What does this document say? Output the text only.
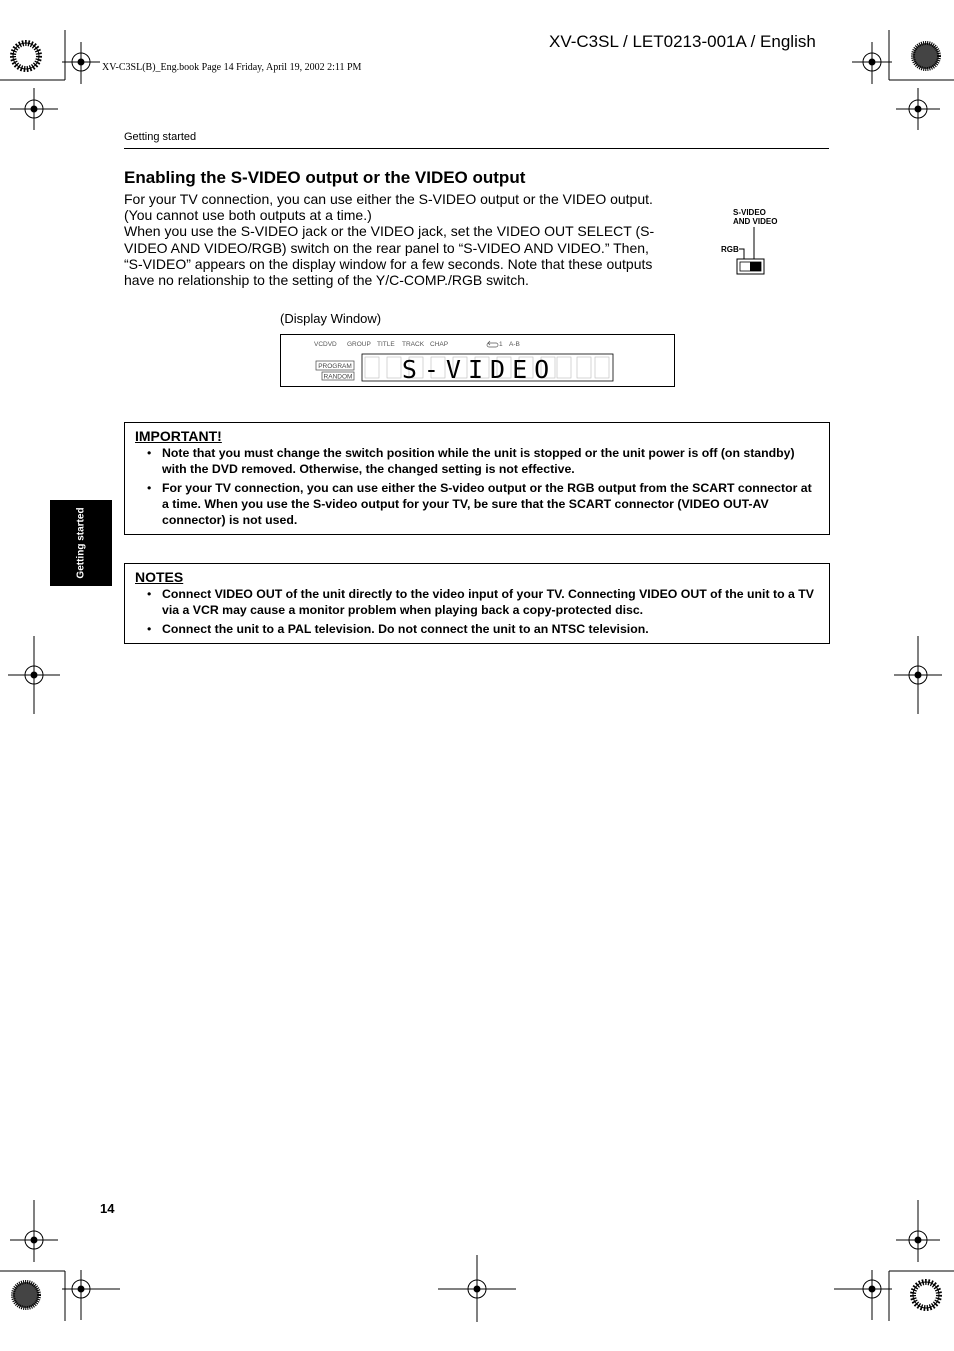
XV-C3SL / LET0213-001A / English
XV-C3SL(B)_Eng.book Page 14 Friday, April 19, 2002 2:11 PM
Getting started
Enabling the S-VIDEO output or the VIDEO output

For your TV connection, you can use either the S-VIDEO output or the VIDEO output. (You cannot use both outputs at a time.)

When you use the S-VIDEO jack or the VIDEO jack, set the VIDEO OUT SELECT (S-VIDEO AND VIDEO/RGB) switch on the rear panel to “S-VIDEO AND VIDEO.” Then, “S-VIDEO” appears on the display window for a few seconds. Note that these outputs have no relationship to the setting of the Y/C-COMP./RGB switch.

S-VIDEO
AND VIDEO
RGB
(Display Window)
VCDVD GROUP TITLE TRACK CHAP	1 A-B
PROGRAM
RANDOM S-VIDEO
IMPORTANT!
• Note that you must change the switch position while the unit is stopped or the unit power is off (on standby) with the DVD removed. Otherwise, the changed setting is not effective.
• For your TV connection, you can use either the S-video output or the RGB output from the SCART connector at a time. When you use the S-video output for your TV, be sure that the SCART connector (VIDEO OUT-AV connector) is not used.
Getting started	NOTES
• Connect VIDEO OUT of the unit directly to the video input of your TV. Connecting VIDEO OUT of the unit to a TV via a VCR may cause a monitor problem when playing back a copy-protected disc.
• Connect the unit to a PAL television. Do not connect the unit to an NTSC television.
14
